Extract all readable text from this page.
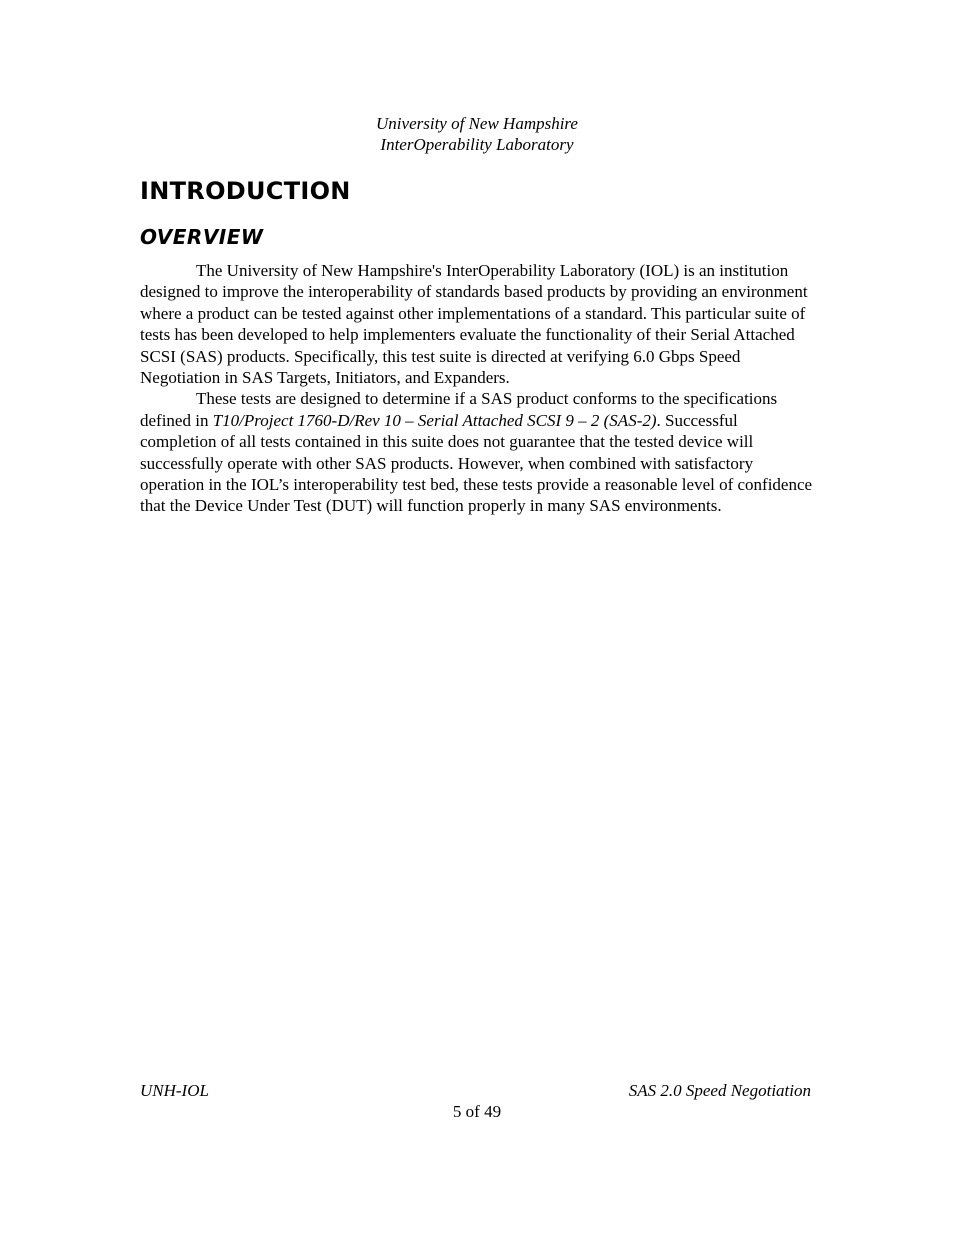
University of New Hampshire
InterOperability Laboratory
INTRODUCTION
OVERVIEW

The University of New Hampshire's InterOperability Laboratory (IOL) is an institution designed to improve the interoperability of standards based products by providing an environment where a product can be tested against other implementations of a standard. This particular suite of tests has been developed to help implementers evaluate the functionality of their Serial Attached SCSI (SAS) products. Specifically, this test suite is directed at verifying 6.0 Gbps Speed Negotiation in SAS Targets, Initiators, and Expanders.

These tests are designed to determine if a SAS product conforms to the specifications defined in T10/Project 1760-D/Rev 10 – Serial Attached SCSI 9 – 2 (SAS-2). Successful completion of all tests contained in this suite does not guarantee that the tested device will successfully operate with other SAS products. However, when combined with satisfactory operation in the IOL’s interoperability test bed, these tests provide a reasonable level of confidence that the Device Under Test (DUT) will function properly in many SAS environments.

UNH-IOL	SAS 2.0 Speed Negotiation
5 of 49
